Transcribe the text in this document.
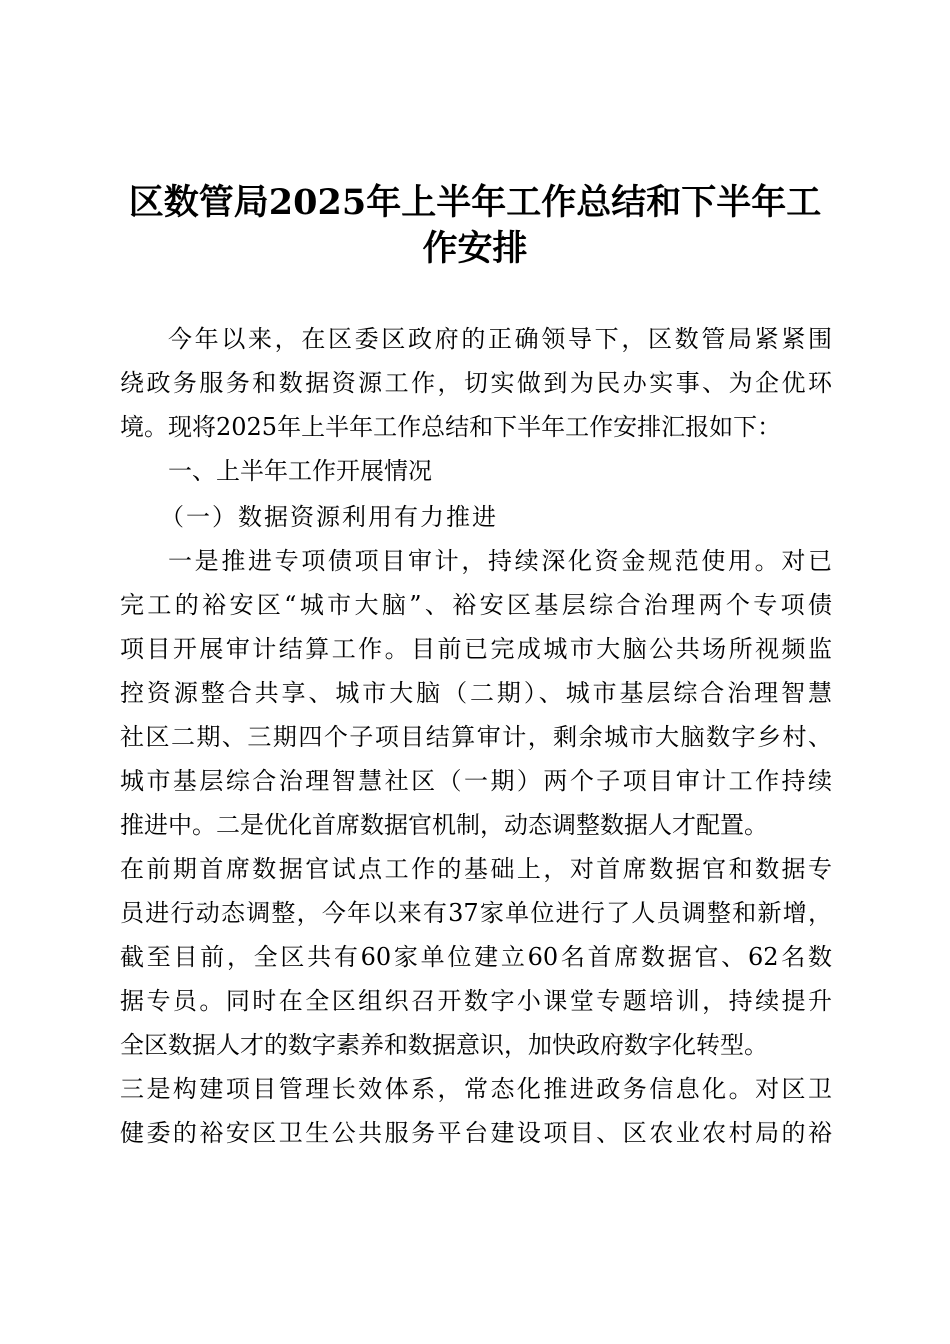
区数管局2025年上半年工作总结和下半年工
作安排
今年以来，在区委区政府的正确领导下，区数管局紧紧围
绕政务服务和数据资源工作，切实做到为民办实事、为企优环
境。现将2025年上半年工作总结和下半年工作安排汇报如下：
一、上半年工作开展情况
（一）数据资源利用有力推进
一是推进专项债项目审计，持续深化资金规范使用。对已
完工的裕安区“城市大脑”、裕安区基层综合治理两个专项债
项目开展审计结算工作。目前已完成城市大脑公共场所视频监
控资源整合共享、城市大脑（二期）、城市基层综合治理智慧
社区二期、三期四个子项目结算审计，剩余城市大脑数字乡村、
城市基层综合治理智慧社区（一期）两个子项目审计工作持续
推进中。二是优化首席数据官机制，动态调整数据人才配置。
在前期首席数据官试点工作的基础上，对首席数据官和数据专
员进行动态调整，今年以来有37家单位进行了人员调整和新增，
截至目前，全区共有60家单位建立60名首席数据官、62名数
据专员。同时在全区组织召开数字小课堂专题培训，持续提升
全区数据人才的数字素养和数据意识，加快政府数字化转型。
三是构建项目管理长效体系，常态化推进政务信息化。对区卫
健委的裕安区卫生公共服务平台建设项目、区农业农村局的裕
